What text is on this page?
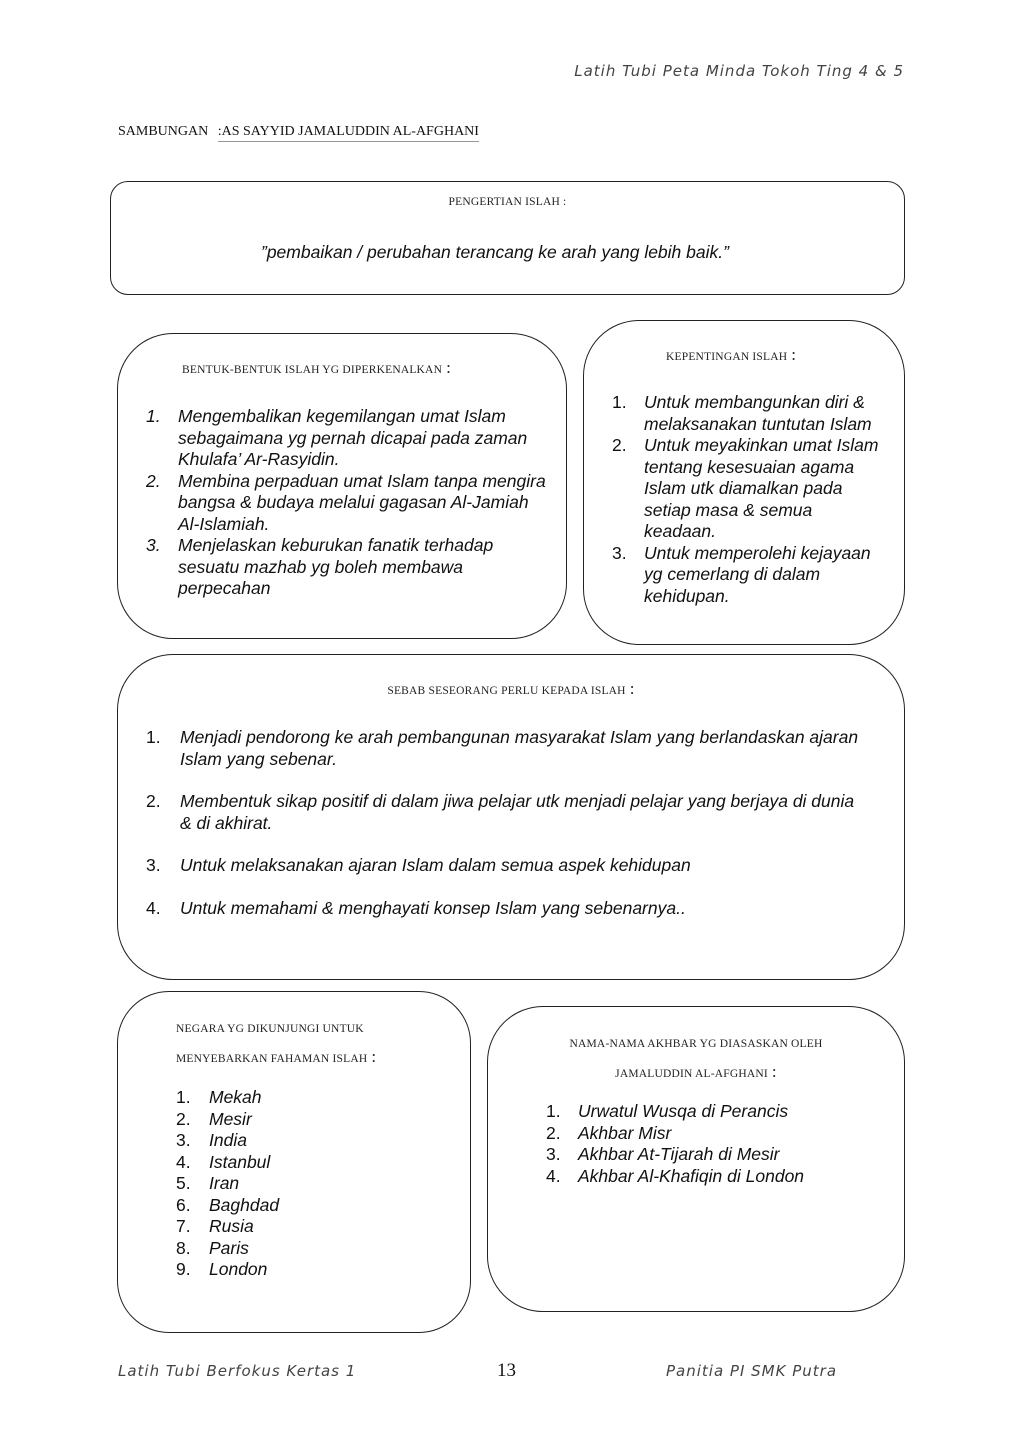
Latih Tubi Peta Minda Tokoh Ting 4 & 5
SAMBUNGAN :AS SAYYID JAMALUDDIN AL-AFGHANI
PENGERTIAN ISLAH :
”pembaikan / perubahan terancang ke arah yang lebih baik.”
BENTUK-BENTUK ISLAH YG DIPERKENALKAN :
1. Mengembalikan kegemilangan umat Islam sebagaimana yg pernah dicapai pada zaman Khulafa’ Ar-Rasyidin.
2. Membina perpaduan umat Islam tanpa mengira bangsa & budaya melalui gagasan Al-Jamiah Al-Islamiah.
3. Menjelaskan keburukan fanatik terhadap sesuatu mazhab yg boleh membawa perpecahan
KEPENTINGAN ISLAH :
1. Untuk membangunkan diri & melaksanakan tuntutan Islam
2. Untuk meyakinkan umat Islam tentang kesesuaian agama Islam utk diamalkan pada setiap masa & semua keadaan.
3. Untuk memperolehi kejayaan yg cemerlang di dalam kehidupan.
SEBAB SESEORANG PERLU KEPADA ISLAH :
1.	Menjadi pendorong ke arah pembangunan masyarakat Islam yang berlandaskan ajaran Islam yang sebenar.
2.	Membentuk sikap positif di dalam jiwa pelajar utk menjadi pelajar yang berjaya di dunia & di akhirat.
3.	Untuk melaksanakan ajaran Islam dalam semua aspek kehidupan
4.	Untuk memahami & menghayati konsep Islam yang sebenarnya..
NEGARA YG DIKUNJUNGI UNTUK
MENYEBARKAN FAHAMAN ISLAH :
1.	Mekah
2.	Mesir
3.	India
4.	Istanbul
5.	Iran
6.	Baghdad
7.	Rusia
8.	Paris
9.	London
NAMA-NAMA AKHBAR YG DIASASKAN OLEH
JAMALUDDIN AL-AFGHANI :
1. Urwatul Wusqa di Perancis
2. Akhbar Misr
3. Akhbar At-Tijarah di Mesir
4. Akhbar Al-Khafiqin di London
Latih Tubi Berfokus Kertas 1	13	Panitia PI SMK Putra
